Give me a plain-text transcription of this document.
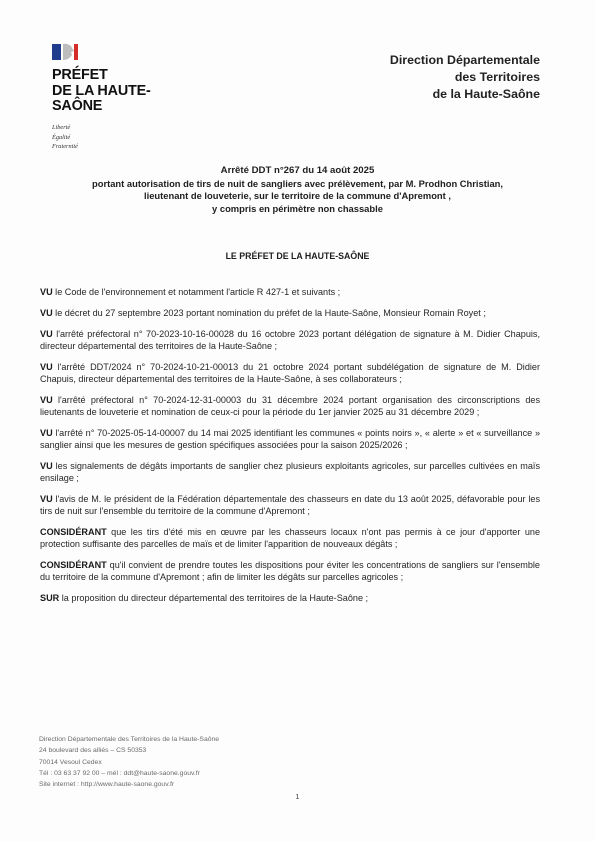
PRÉFET
DE LA HAUTE-
SAÔNE
Liberté
Égalité
Fraternité
Direction Départementale
des Territoires
de la Haute-Saône
Arrêté DDT n°267 du 14 août 2025
portant autorisation de tirs de nuit de sangliers avec prélèvement, par M. Prodhon Christian,
lieutenant de louveterie, sur le territoire de la commune d'Apremont ,
y compris en périmètre non chassable
LE PRÉFET DE LA HAUTE-SAÔNE

VU le Code de l'environnement et notamment l'article R 427-1 et suivants ;

VU le décret du 27 septembre 2023 portant nomination du préfet de la Haute-Saône, Monsieur Romain Royet ;

VU l'arrêté préfectoral n° 70-2023-10-16-00028 du 16 octobre 2023 portant délégation de signature à M. Didier Chapuis, directeur départemental des territoires de la Haute-Saône ;

VU l'arrêté DDT/2024 n° 70-2024-10-21-00013 du 21 octobre 2024 portant subdélégation de signature de M. Didier Chapuis, directeur départemental des territoires de la Haute-Saône, à ses collaborateurs ;

VU l'arrêté préfectoral n° 70-2024-12-31-00003 du 31 décembre 2024 portant organisation des circonscriptions des lieutenants de louveterie et nomination de ceux-ci pour la période du 1er janvier 2025 au 31 décembre 2029 ;

VU l'arrêté n° 70-2025-05-14-00007 du 14 mai 2025 identifiant les communes « points noirs », « alerte » et « surveillance » sanglier ainsi que les mesures de gestion spécifiques associées pour la saison 2025/2026 ;

VU les signalements de dégâts importants de sanglier chez plusieurs exploitants agricoles, sur parcelles cultivées en maïs ensilage ;

VU l'avis de M. le président de la Fédération départementale des chasseurs en date du 13 août 2025, défavorable pour les tirs de nuit sur l'ensemble du territoire de la commune d'Apremont ;

CONSIDÉRANT que les tirs d'été mis en œuvre par les chasseurs locaux n'ont pas permis à ce jour d'apporter une protection suffisante des parcelles de maïs et de limiter l'apparition de nouveaux dégâts ;

CONSIDÉRANT qu'il convient de prendre toutes les dispositions pour éviter les concentrations de sangliers sur l'ensemble du territoire de la commune d'Apremont ; afin de limiter les dégâts sur parcelles agricoles ;

SUR la proposition du directeur départemental des territoires de la Haute-Saône ;

Direction Départementale des Territoires de la Haute-Saône
24 boulevard des alliés – CS 50353
70014 Vesoul Cedex
Tél : 03 63 37 92 00 – mél : ddt@haute-saone.gouv.fr
Site internet : http://www.haute-saone.gouv.fr
1
